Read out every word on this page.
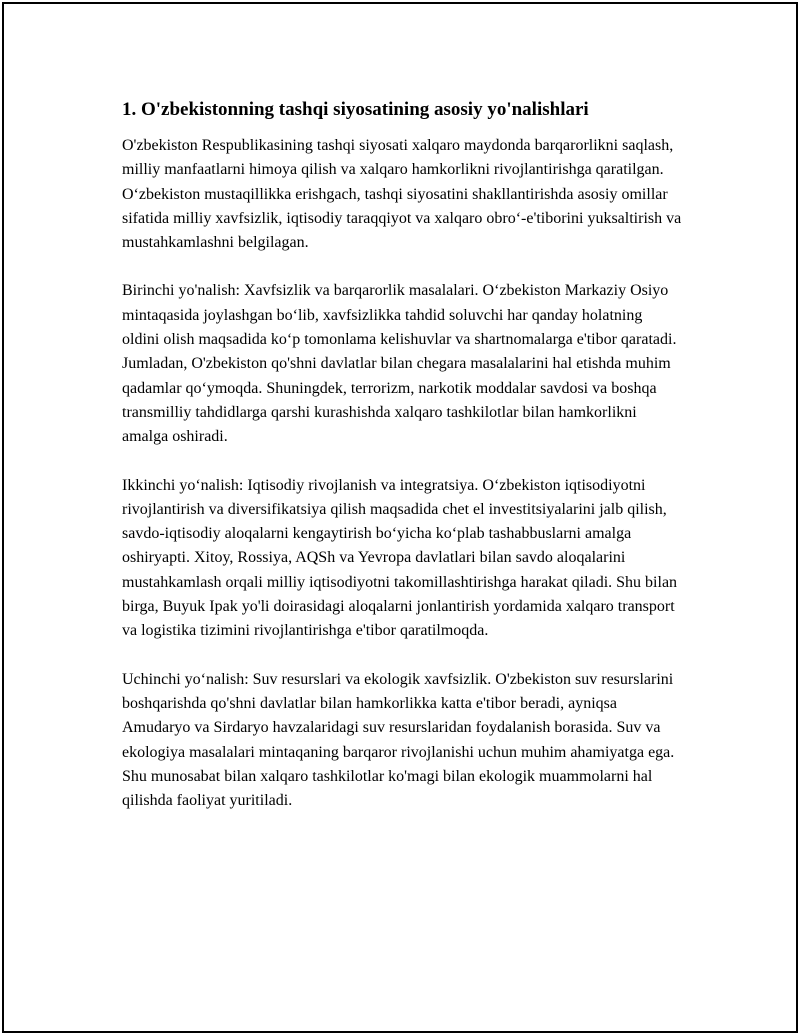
1. O'zbekistonning tashqi siyosatining asosiy yo'nalishlari

O'zbekiston Respublikasining tashqi siyosati xalqaro maydonda barqarorlikni saqlash, milliy manfaatlarni himoya qilish va xalqaro hamkorlikni rivojlantirishga qaratilgan. O‘zbekiston mustaqillikka erishgach, tashqi siyosatini shakllantirishda asosiy omillar sifatida milliy xavfsizlik, iqtisodiy taraqqiyot va xalqaro obro‘-e'tiborini yuksaltirish va mustahkamlashni belgilagan.

Birinchi yo'nalish: Xavfsizlik va barqarorlik masalalari. O‘zbekiston Markaziy Osiyo mintaqasida joylashgan bo‘lib, xavfsizlikka tahdid soluvchi har qanday holatning oldini olish maqsadida ko‘p tomonlama kelishuvlar va shartnomalarga e'tibor qaratadi. Jumladan, O'zbekiston qo'shni davlatlar bilan chegara masalalarini hal etishda muhim qadamlar qo‘ymoqda. Shuningdek, terrorizm, narkotik moddalar savdosi va boshqa transmilliy tahdidlarga qarshi kurashishda xalqaro tashkilotlar bilan hamkorlikni amalga oshiradi.

Ikkinchi yo‘nalish: Iqtisodiy rivojlanish va integratsiya. O‘zbekiston iqtisodiyotni rivojlantirish va diversifikatsiya qilish maqsadida chet el investitsiyalarini jalb qilish, savdo-iqtisodiy aloqalarni kengaytirish bo‘yicha ko‘plab tashabbuslarni amalga oshiryapti. Xitoy, Rossiya, AQSh va Yevropa davlatlari bilan savdo aloqalarini mustahkamlash orqali milliy iqtisodiyotni takomillashtirishga harakat qiladi. Shu bilan birga, Buyuk Ipak yo'li doirasidagi aloqalarni jonlantirish yordamida xalqaro transport va logistika tizimini rivojlantirishga e'tibor qaratilmoqda.

Uchinchi yo‘nalish: Suv resurslari va ekologik xavfsizlik. O'zbekiston suv resurslarini boshqarishda qo'shni davlatlar bilan hamkorlikka katta e'tibor beradi, ayniqsa Amudaryo va Sirdaryo havzalaridagi suv resurslaridan foydalanish borasida. Suv va ekologiya masalalari mintaqaning barqaror rivojlanishi uchun muhim ahamiyatga ega. Shu munosabat bilan xalqaro tashkilotlar ko'magi bilan ekologik muammolarni hal qilishda faoliyat yuritiladi.
